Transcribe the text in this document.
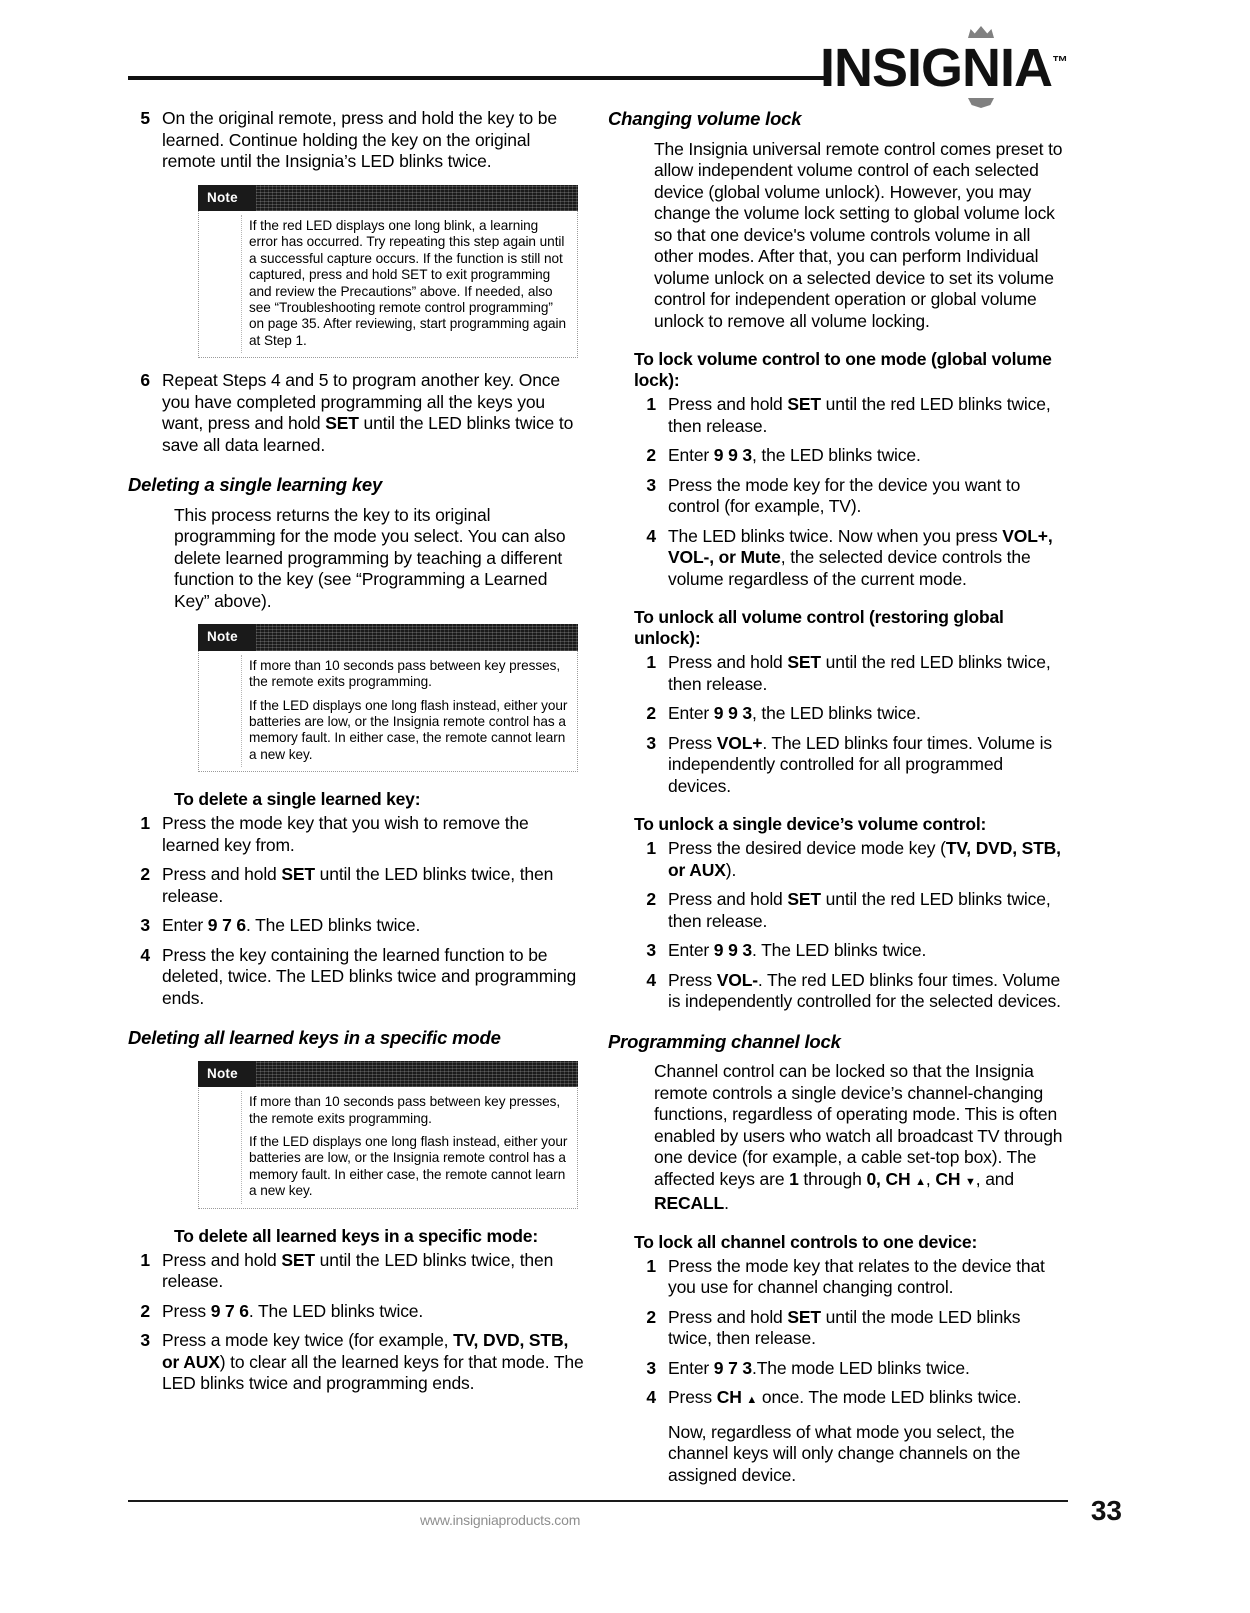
INSIG
N
IA™
5 On the original remote, press and hold the key to be learned. Continue holding the key on the original remote until the Insignia’s LED blinks twice.
Note

If the red LED displays one long blink, a learning error has occurred. Try repeating this step again until a successful capture occurs. If the function is still not captured, press and hold SET to exit programming and review the Precautions” above. If needed, also see “Troubleshooting remote control programming” on page 35. After reviewing, start programming again at Step 1.

6 Repeat Steps 4 and 5 to program another key. Once you have completed programming all the keys you want, press and hold SET until the LED blinks twice to save all data learned.
Deleting a single learning key

This process returns the key to its original programming for the mode you select. You can also delete learned programming by teaching a different function to the key (see “Programming a Learned Key” above).

Note

If more than 10 seconds pass between key presses, the remote exits programming.

If the LED displays one long flash instead, either your batteries are low, or the Insignia remote control has a memory fault. In either case, the remote cannot learn a new key.

To delete a single learned key:
1 Press the mode key that you wish to remove the learned key from.
2 Press and hold SET until the LED blinks twice, then release.
3 Enter 9 7 6. The LED blinks twice.
4 Press the key containing the learned function to be deleted, twice. The LED blinks twice and programming ends.
Deleting all learned keys in a specific mode
Note

If more than 10 seconds pass between key presses, the remote exits programming.

If the LED displays one long flash instead, either your batteries are low, or the Insignia remote control has a memory fault. In either case, the remote cannot learn a new key.

To delete all learned keys in a specific mode:
1 Press and hold SET until the LED blinks twice, then release.
2 Press 9 7 6. The LED blinks twice.
3 Press a mode key twice (for example, TV, DVD, STB, or AUX) to clear all the learned keys for that mode. The LED blinks twice and programming ends.
Changing volume lock

The Insignia universal remote control comes preset to allow independent volume control of each selected device (global volume unlock). However, you may change the volume lock setting to global volume lock so that one device's volume controls volume in all other modes. After that, you can perform Individual volume unlock on a selected device to set its volume control for independent operation or global volume unlock to remove all volume locking.

To lock volume control to one mode (global volume lock):
1 Press and hold SET until the red LED blinks twice, then release.
2 Enter 9 9 3, the LED blinks twice.
3 Press the mode key for the device you want to control (for example, TV).
4 The LED blinks twice. Now when you press VOL+, VOL-, or Mute, the selected device controls the volume regardless of the current mode.
To unlock all volume control (restoring global unlock):
1 Press and hold SET until the red LED blinks twice, then release.
2 Enter 9 9 3, the LED blinks twice.
3 Press VOL+. The LED blinks four times. Volume is independently controlled for all programmed devices.
To unlock a single device’s volume control:
1 Press the desired device mode key (TV, DVD, STB, or AUX).
2 Press and hold SET until the red LED blinks twice, then release.
3 Enter 9 9 3. The LED blinks twice.
4 Press VOL-. The red LED blinks four times. Volume is independently controlled for the selected devices.
Programming channel lock

Channel control can be locked so that the Insignia remote controls a single device’s channel-changing functions, regardless of operating mode. This is often enabled by users who watch all broadcast TV through one device (for example, a cable set-top box). The affected keys are 1 through 0, CH ▲ , CH ▼ , and RECALL.

To lock all channel controls to one device:
1 Press the mode key that relates to the device that you use for channel changing control.
2 Press and hold SET until the mode LED blinks twice, then release.
3 Enter 9 7 3.The mode LED blinks twice.
4 Press CH ▲ once. The mode LED blinks twice.

Now, regardless of what mode you select, the channel keys will only change channels on the assigned device.

www.insigniaproducts.com	33
